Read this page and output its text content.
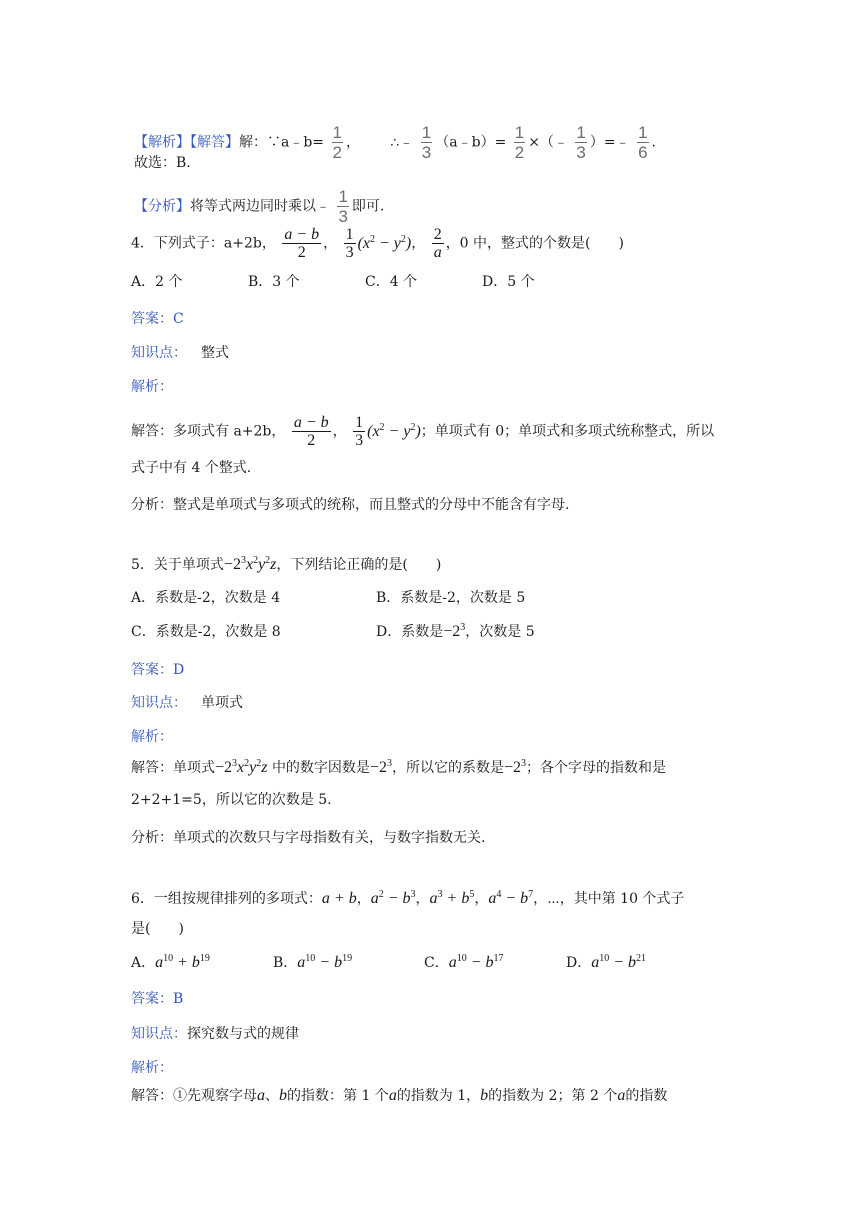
【解析】【解答】解：∵a﹣b= $\frac{1}{2}$ ， ∴﹣ $\frac{1}{3}$ （a﹣b）= $\frac{1}{2}$ ×（﹣ $\frac{1}{3}$ ）=﹣ $\frac{1}{6}$ .
故选：B.
【分析】将等式两边同时乘以﹣ $\frac{1}{3}$ 即可.
4．下列式子：a+2b， $\frac{a - b}{2}$ ， $\frac{1}{3} (x^2 - y^2)$， $\frac{2}{a}$ ，0 中，整式的个数是(　　)
A．2 个	B．3 个	C．4 个	D．5 个
答案：C
知识点： 整式
解析：
解答：多项式有 a+2b， $\frac{a - b}{2}$ ， $\frac{1}{3} (x^2 - y^2)$；单项式有 0；单项式和多项式统称整式，所以
式子中有 4 个整式.
分析：整式是单项式与多项式的统称，而且整式的分母中不能含有字母.
5．关于单项式$-2^3x^2y^2z$，下列结论正确的是(　　)
A．系数是-2，次数是 4	B．系数是-2，次数是 5
C．系数是-2，次数是 8	D．系数是$-2^3$，次数是 5
答案：D
知识点： 单项式
解析：
解答：单项式$-2^3x^2y^2z$ 中的数字因数是$-2^3$，所以它的系数是$-2^3$；各个字母的指数和是
2+2+1=5，所以它的次数是 5.
分析：单项式的次数只与字母指数有关，与数字指数无关.
6．一组按规律排列的多项式：a + b，$a^2 - b^3$，$a^3 + b^5$，$a^4 - b^7$，⋯，其中第 10 个式子
是(　　)
A．$a^{10} + b^{19}$	B．$a^{10} - b^{19}$	C．$a^{10} - b^{17}$	D．$a^{10} - b^{21}$
答案：B
知识点：探究数与式的规律
解析：
解答：①先观察字母a、b的指数：第 1 个a的指数为 1，b的指数为 2；第 2 个a的指数
